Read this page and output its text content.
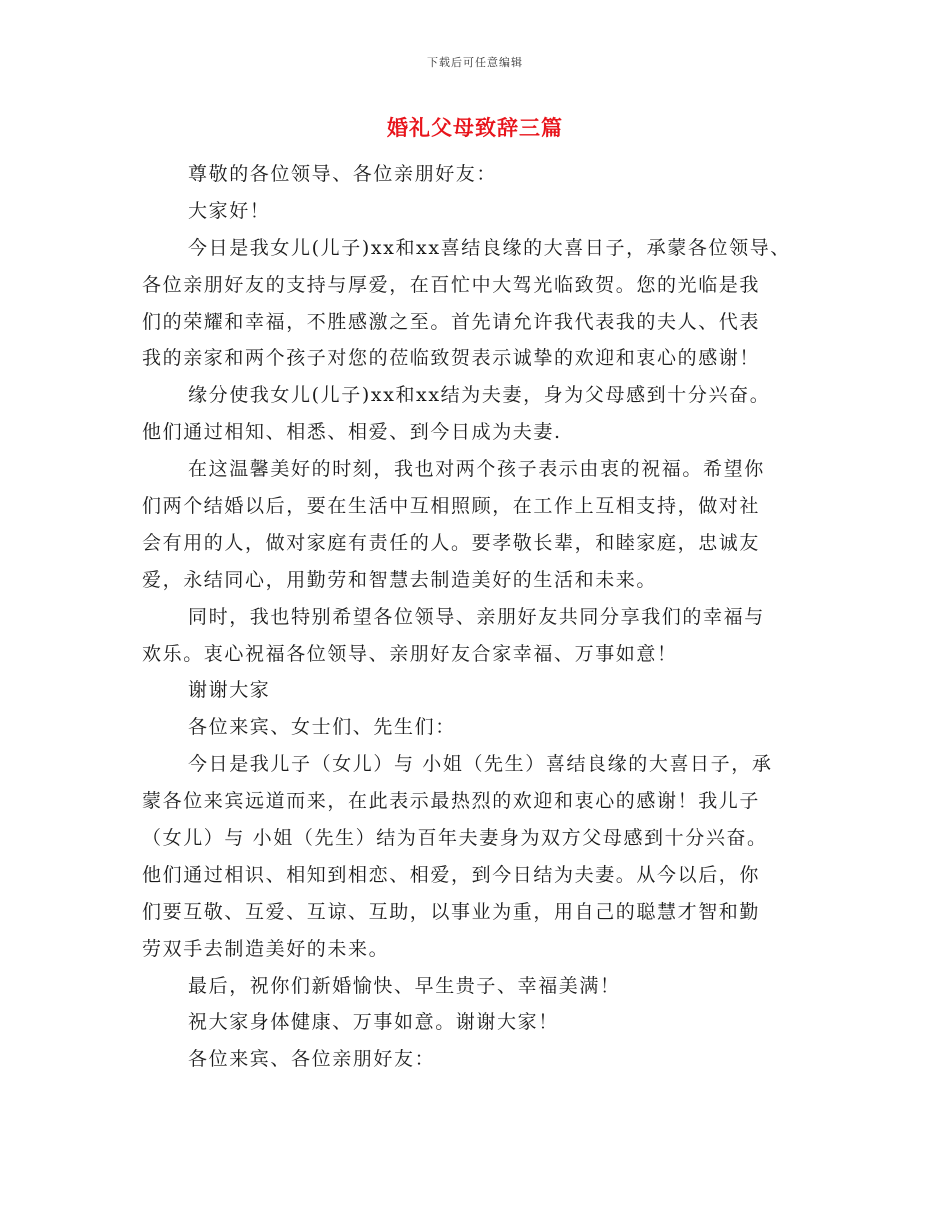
下载后可任意编辑
婚礼父母致辞三篇
尊敬的各位领导、各位亲朋好友：
大家好！
今日是我女儿(儿子)xx和xx喜结良缘的大喜日子，承蒙各位领导、
各位亲朋好友的支持与厚爱，在百忙中大驾光临致贺。您的光临是我
们的荣耀和幸福，不胜感激之至。首先请允许我代表我的夫人、代表
我的亲家和两个孩子对您的莅临致贺表示诚挚的欢迎和衷心的感谢！
缘分使我女儿(儿子)xx和xx结为夫妻，身为父母感到十分兴奋。
他们通过相知、相悉、相爱、到今日成为夫妻.
在这温馨美好的时刻，我也对两个孩子表示由衷的祝福。希望你
们两个结婚以后，要在生活中互相照顾，在工作上互相支持，做对社
会有用的人，做对家庭有责任的人。要孝敬长辈，和睦家庭，忠诚友
爱，永结同心，用勤劳和智慧去制造美好的生活和未来。
同时，我也特别希望各位领导、亲朋好友共同分享我们的幸福与
欢乐。衷心祝福各位领导、亲朋好友合家幸福、万事如意！
谢谢大家
各位来宾、女士们、先生们：
今日是我儿子（女儿）与 小姐（先生）喜结良缘的大喜日子，承
蒙各位来宾远道而来，在此表示最热烈的欢迎和衷心的感谢！我儿子
（女儿）与 小姐（先生）结为百年夫妻身为双方父母感到十分兴奋。
他们通过相识、相知到相恋、相爱，到今日结为夫妻。从今以后，你
们要互敬、互爱、互谅、互助，以事业为重，用自己的聪慧才智和勤
劳双手去制造美好的未来。
最后，祝你们新婚愉快、早生贵子、幸福美满！
祝大家身体健康、万事如意。谢谢大家！
各位来宾、各位亲朋好友：
